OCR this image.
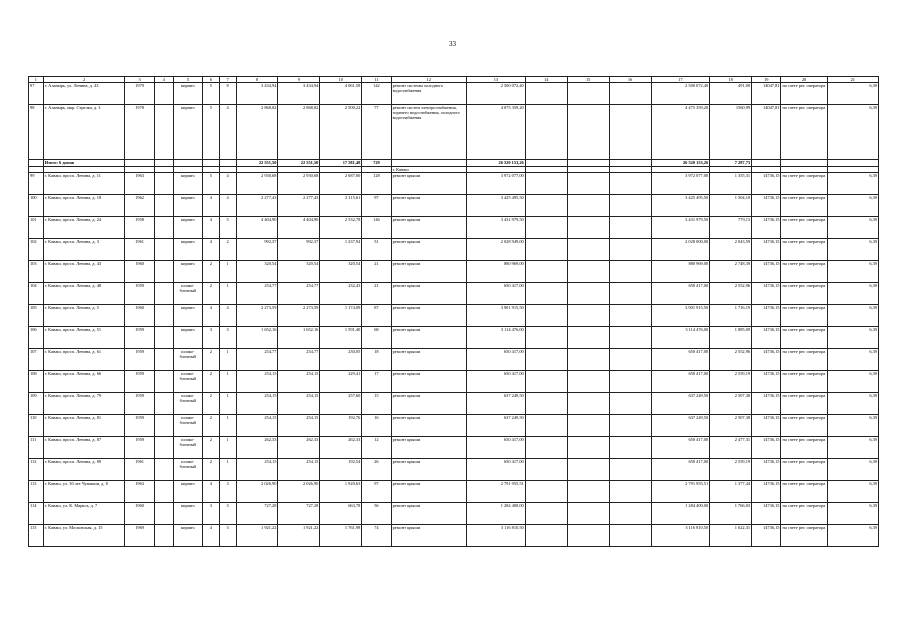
33
1	2	3	4	5	6	7	8	9	10	11	12	13	14	15	16	17	18	19	20	21
97	г. Аланырь, ул. Ленина, д. 43	1979		кирпич	5	8	3 434,94	3 434,94	4 061,58	142	ремонт системы холодного водоснабжения	2 500 072,40				2 500 072,40	491,00	14047,81	на счете рег. оператора	6,39
98	г. Аланырь, мкр. Стрелка, д. 3	1978		кирпич	5	4	2 868,02	2 868,82	2 500,22	77	ремонт систем электроснабжения, горячего водоснабжения, холодного водоснабжения	4 075 359,20				4 475 359,20	1560,99	14047,81	на счете рег. оператора	6,39
	Итого: 6 домов						22 551,50	22 551,50	17 581,48	729		26 520 153,26				26 520 153,26	7 287,73			
											г. Канаш									
99	г. Канаш, просп. Ленина, д. 11	1963		кирпич	5	4	2 930,68	2 930,68	2 687,00	128	ремонт крыши	3 972 077,00				3 972 077,00	1 355,31	14736,15	на счете рег. оператора	6,39
100	г. Канаш, просп. Ленина, д. 18	1962		кирпич	4	4	2 277,43	2 277,43	2 115,61	97	ремонт крыши	3 425 495,50				3 425 495,50	1 504,10	14736,15	на счете рег. оператора	6,39
101	г. Канаш, просп. Ленина, д. 24	1958		кирпич	4	5	4 404,90	4 404,90	2 532,78	146	ремонт крыши	3 431 979,50				3 431 979,50	779,13	14736,15	на счете рег. оператора	6,39
102	г. Канаш, просп. Ленина, д. 3	1961		кирпич	4	2	992,37	992,37	1 237,94	51	ремонт крыши	2 028 949,00				2 028 000,00	2 043,59	14736,15	на счете рег. оператора	6,39
103	г. Канаш, просп. Ленина, д. 43	1960		кирпич	2	1	320,54	320,54	320,54	21	ремонт крыши	880 969,00				880 969,00	2 748,39	14736,15	на счете рег. оператора	6,39
104	г. Канаш, просп. Ленина, д. 48	1959		шлако-блочный	2	1	254,77	254,77	232,43	21	ремонт крыши	650 417,00				650 417,00	2 552,96	14736,15	на счете рег. оператора	6,39
105	г. Канаш, просп. Ленина, д. 5	1960		кирпич	4	4	2 273,59	2 273,59	1 174,09	87	ремонт крыши	3 901 915,50				3 901 915,50	1 716,19	14736,15	на счете рег. оператора	6,39
106	г. Канаш, просп. Ленина, д. 51	1959		кирпич	3	3	1 652,16	1 652,16	1 591,40	68	ремонт крыши	3 114 476,00				3 114 476,00	1 885,09	14736,15	на счете рег. оператора	6,39
107	г. Канаш, просп. Ленина, д. 61	1959		шлако-блочный	2	1	254,77	254,77	230,05	18	ремонт крыши	650 417,00				650 417,00	2 552,96	14736,15	на счете рег. оператора	6,39
108	г. Канаш, просп. Ленина, д. 66	1959		шлако-блочный	2	1	254,15	254,15	229,41	17	ремонт крыши	650 417,00				650 417,00	2 559,19	14736,15	на счете рег. оператора	6,39
109	г. Канаш, просп. Ленина, д. 79	1959		шлако-блочный	2	1	254,15	254,15	257,60	15	ремонт крыши	637 249,50				637 249,50	2 507,38	14736,15	на счете рег. оператора	6,39
110	г. Канаш, просп. Ленина, д. 81	1959		шлако-блочный	2	1	254,15	254,15	192,76	16	ремонт крыши	637 249,50				637 249,50	2 507,38	14736,15	на счете рег. оператора	6,39
111	г. Канаш, просп. Ленина, д. 87	1959		шлако-блочный	2	1	262,33	262,33	262,33	12	ремонт крыши	650 417,00				650 417,00	2 477,31	14736,15	на счете рег. оператора	6,39
112	г. Канаш, просп. Ленина, д. 89	1961		шлако-блочный	2	1	254,15	254,15	192,54	26	ремонт крыши	650 417,00				650 417,00	2 559,19	14736,15	на счете рег. оператора	6,39
113	г. Канаш, ул. 30 лет Чувашии, д. 8	1963		кирпич	4	3	2 026,90	2 026,90	1 920,63	97	ремонт крыши	2 791 955,51				2 791 955,51	1 377,44	14736,15	на счете рег. оператора	6,39
114	г. Канаш, ул. К. Маркса, д. 7	1960		кирпич	3	3	727,28	727,28	663,78	56	ремонт крыши	1 284 400,00				1 284 400,00	1 766,03	14736,15	на счете рег. оператора	6,39
115	г. Канаш, ул. Московская, д. 15	1969		кирпич	4	3	1 921,22	1 921,22	1 761,98	74	ремонт крыши	3 116 810,50				3 116 810,50	1 622,31	14736,15	на счете рег. оператора	6,39
